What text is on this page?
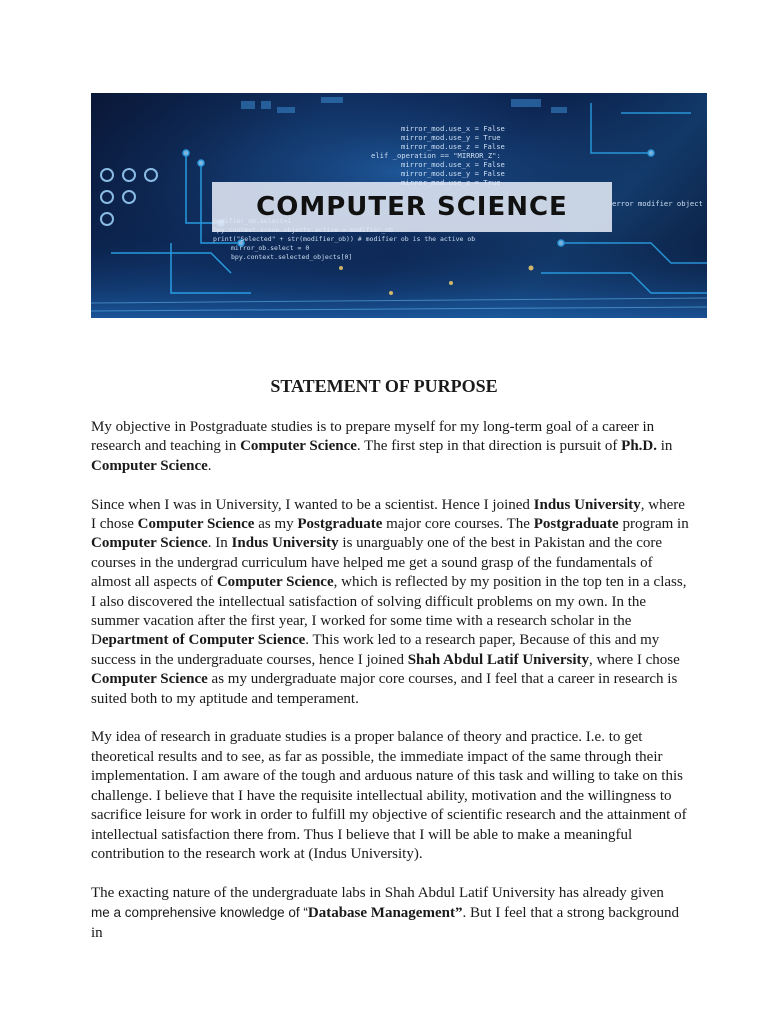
mirror_mod.use_x = False
mirror_mod.use_y = True
mirror_mod.use_z = False
elif _operation == "MIRROR_Z":
mirror_mod.use_x = False
mirror_mod.use_y = False
error modifier object
print("Selected" + str(modifier_ob)) # modifier ob is the active ob
mirror_ob.select = 0
bpy.context.selected_objects[0]
COMPUTER SCIENCE
STATEMENT OF PURPOSE

My objective in Postgraduate studies is to prepare myself for my long-term goal of a career in research and teaching in Computer Science. The first step in that direction is pursuit of Ph.D. in Computer Science.

Since when I was in University, I wanted to be a scientist. Hence I joined Indus University, where I chose Computer Science as my Postgraduate major core courses. The Postgraduate program in Computer Science. In Indus University is unarguably one of the best in Pakistan and the core courses in the undergrad curriculum have helped me get a sound grasp of the fundamentals of almost all aspects of Computer Science, which is reflected by my position in the top ten in a class, I also discovered the intellectual satisfaction of solving difficult problems on my own. In the summer vacation after the first year, I worked for some time with a research scholar in the Department of Computer Science. This work led to a research paper, Because of this and my success in the undergraduate courses, hence I joined Shah Abdul Latif University, where I chose Computer Science as my undergraduate major core courses, and I feel that a career in research is suited both to my aptitude and temperament.

My idea of research in graduate studies is a proper balance of theory and practice. I.e. to get theoretical results and to see, as far as possible, the immediate impact of the same through their implementation. I am aware of the tough and arduous nature of this task and willing to take on this challenge. I believe that I have the requisite intellectual ability, motivation and the willingness to sacrifice leisure for work in order to fulfill my objective of scientific research and the attainment of intellectual satisfaction there from. Thus I believe that I will be able to make a meaningful contribution to the research work at (Indus University).

The exacting nature of the undergraduate labs in Shah Abdul Latif University has already given
me a comprehensive knowledge of “Database Management”. But I feel that a strong background in
